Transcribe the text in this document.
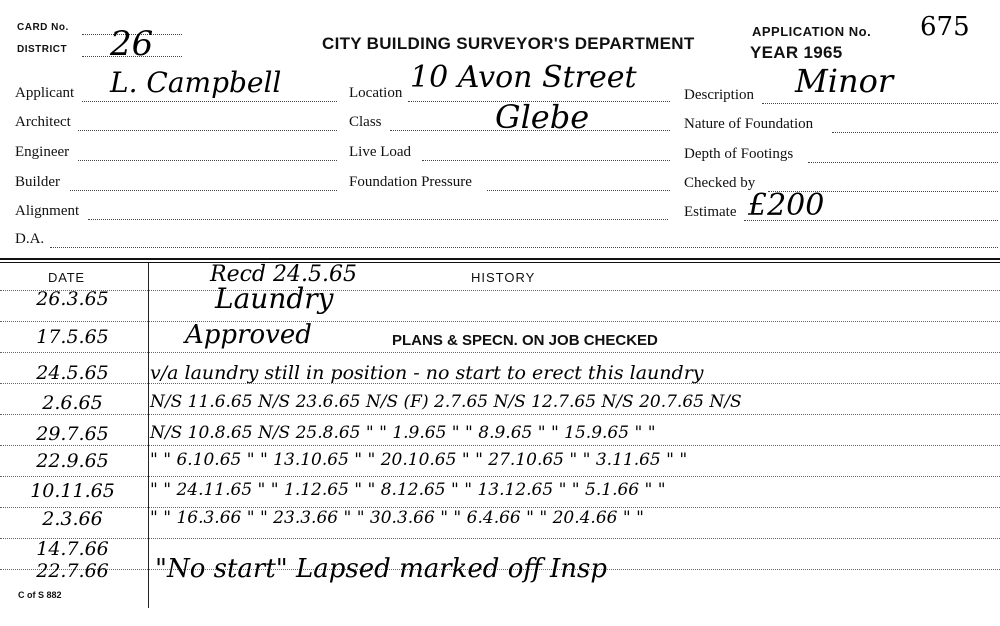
CARD No.
DISTRICT 26	CITY BUILDING SURVEYOR'S DEPARTMENT
APPLICATION No. 675
YEAR 1965
Applicant L. Campbell
Architect
Engineer
Builder
Alignment
D.A.
Location 10 Avon Street
Class	Glebe
Live Load
Foundation Pressure
Description Minor
Nature of Foundation
Depth of Footings
Checked by
Estimate £200
DATE	HISTORY
Recd 24.5.65
26.3.65	Laundry
17.5.65	Approved	PLANS & SPECN. ON JOB CHECKED
24.5.65	v/a laundry still in position - no start to erect this laundry
2.6.65	N/S 11.6.65 N/S 23.6.65 N/S (F) 2.7.65 N/S 12.7.65 N/S 20.7.65 N/S
29.7.65	N/S 10.8.65 N/S 25.8.65 " " 1.9.65 " " 8.9.65 " " 15.9.65 " "
22.9.65	" " 6.10.65 " " 13.10.65 " " 20.10.65 " " 27.10.65 " " 3.11.65 " "
10.11.65	" " 24.11.65 " " 1.12.65 " " 8.12.65 " " 13.12.65 " " 5.1.66 " "
2.3.66	" " 16.3.66 " " 23.3.66 " " 30.3.66 " " 6.4.66 " " 20.4.66 " "
14.7.66
22.7.66	"No start" Lapsed marked off Insp
C of S 882
